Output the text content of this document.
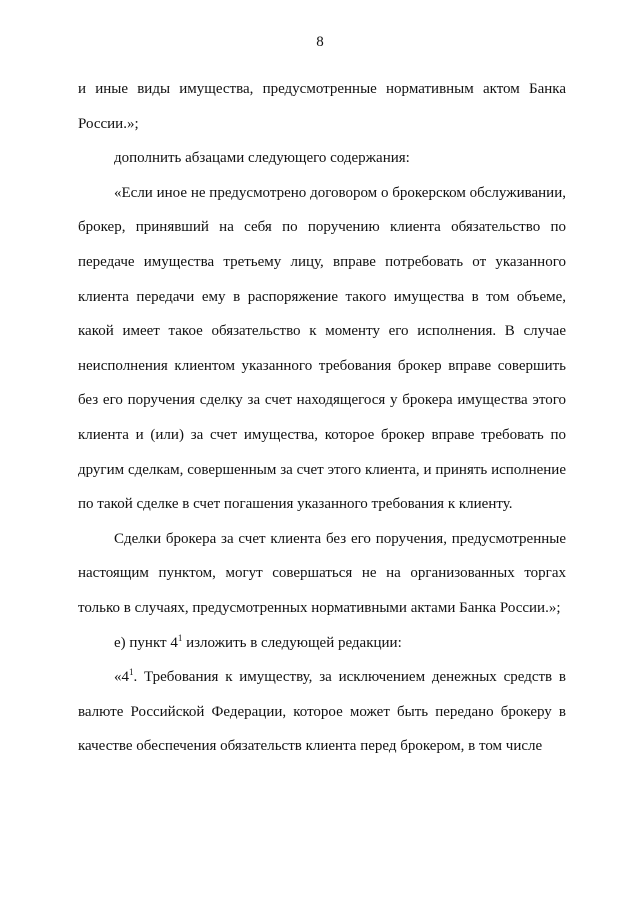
8

и иные виды имущества, предусмотренные нормативным актом Банка России.»;

дополнить абзацами следующего содержания:

«Если иное не предусмотрено договором о брокерском обслуживании, брокер, принявший на себя по поручению клиента обязательство по передаче имущества третьему лицу, вправе потребовать от указанного клиента передачи ему в распоряжение такого имущества в том объеме, какой имеет такое обязательство к моменту его исполнения. В случае неисполнения клиентом указанного требования брокер вправе совершить без его поручения сделку за счет находящегося у брокера имущества этого клиента и (или) за счет имущества, которое брокер вправе требовать по другим сделкам, совершенным за счет этого клиента, и принять исполнение по такой сделке в счет погашения указанного требования к клиенту.

Сделки брокера за счет клиента без его поручения, предусмотренные настоящим пунктом, могут совершаться не на организованных торгах только в случаях, предусмотренных нормативными актами Банка России.»;

е) пункт $4^1$ изложить в следующей редакции:

«$4^1$. Требования к имуществу, за исключением денежных средств в валюте Российской Федерации, которое может быть передано брокеру в качестве обеспечения обязательств клиента перед брокером, в том числе
